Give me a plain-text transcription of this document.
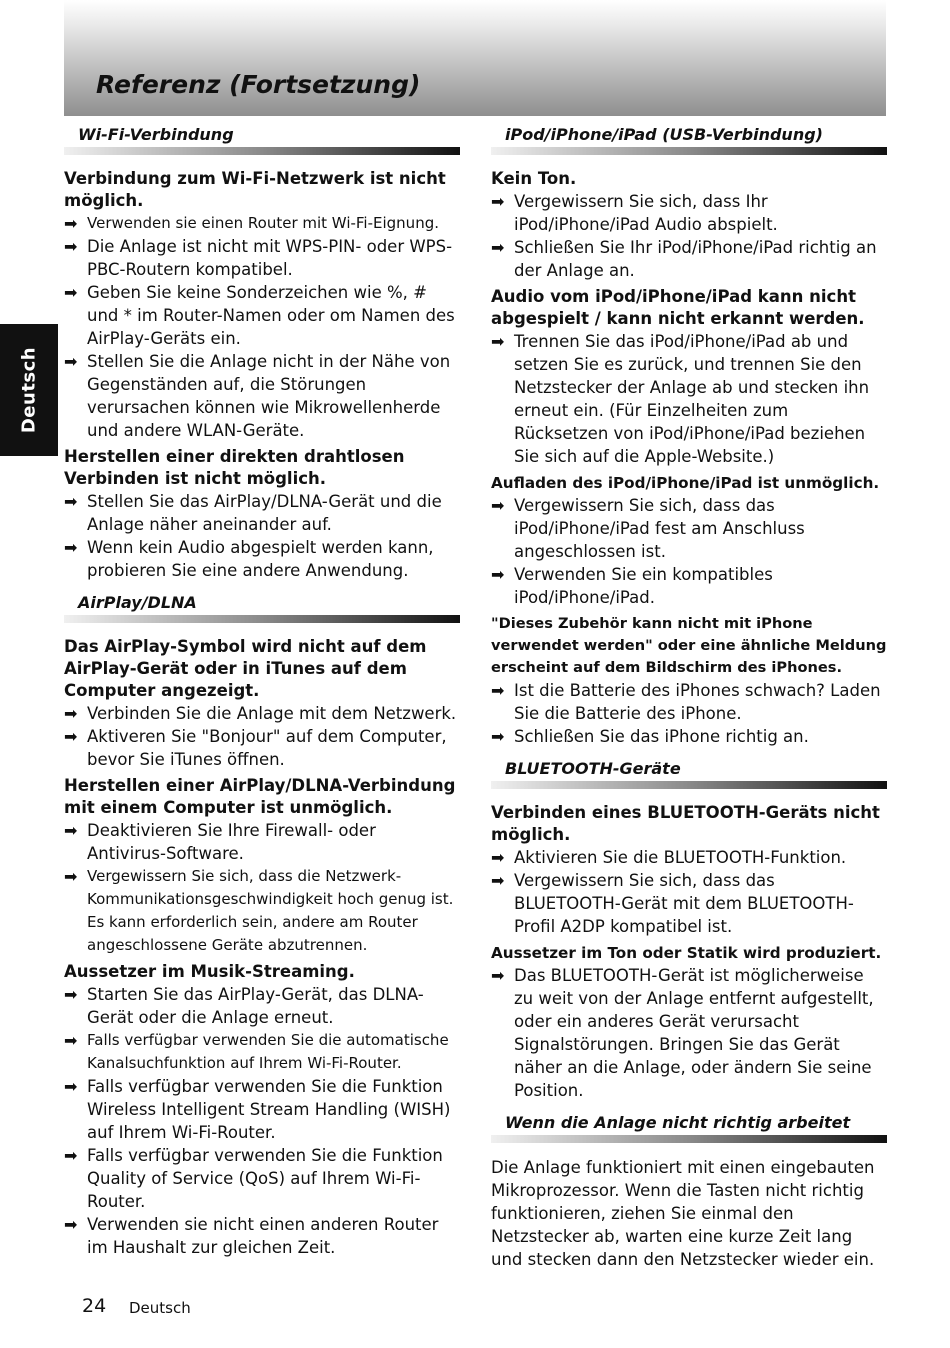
Referenz (Fortsetzung)
Deutsch
Wi-Fi-Verbindung
Verbindung zum Wi-Fi-Netzwerk ist nicht möglich.
➡ Verwenden sie einen Router mit Wi-Fi-Eignung.
➡ Die Anlage ist nicht mit WPS-PIN- oder WPS-PBC-Routern kompatibel.
➡ Geben Sie keine Sonderzeichen wie %, # und * im Router-Namen oder om Namen des AirPlay-Geräts ein.
➡ Stellen Sie die Anlage nicht in der Nähe von Gegenständen auf, die Störungen verursachen können wie Mikrowellenherde und andere WLAN-Geräte.
Herstellen einer direkten drahtlosen Verbinden ist nicht möglich.
➡ Stellen Sie das AirPlay/DLNA-Gerät und die Anlage näher aneinander auf.
➡ Wenn kein Audio abgespielt werden kann, probieren Sie eine andere Anwendung.
AirPlay/DLNA
Das AirPlay-Symbol wird nicht auf dem AirPlay-Gerät oder in iTunes auf dem Computer angezeigt.
➡ Verbinden Sie die Anlage mit dem Netzwerk.
➡ Aktiveren Sie "Bonjour" auf dem Computer, bevor Sie iTunes öffnen.
Herstellen einer AirPlay/DLNA-Verbindung mit einem Computer ist unmöglich.
➡ Deaktivieren Sie Ihre Firewall- oder Antivirus-Software.
➡ Vergewissern Sie sich, dass die Netzwerk-Kommunikationsgeschwindigkeit hoch genug ist. Es kann erforderlich sein, andere am Router angeschlossene Geräte abzutrennen.
Aussetzer im Musik-Streaming.
➡ Starten Sie das AirPlay-Gerät, das DLNA-Gerät oder die Anlage erneut.
➡ Falls verfügbar verwenden Sie die automatische Kanalsuchfunktion auf Ihrem Wi-Fi-Router.
➡ Falls verfügbar verwenden Sie die Funktion Wireless Intelligent Stream Handling (WISH) auf Ihrem Wi-Fi-Router.
➡ Falls verfügbar verwenden Sie die Funktion Quality of Service (QoS) auf Ihrem Wi-Fi-Router.
➡ Verwenden sie nicht einen anderen Router im Haushalt zur gleichen Zeit.
iPod/iPhone/iPad (USB-Verbindung)
Kein Ton.
➡ Vergewissern Sie sich, dass Ihr iPod/iPhone/iPad Audio abspielt.
➡ Schließen Sie Ihr iPod/iPhone/iPad richtig an der Anlage an.
Audio vom iPod/iPhone/iPad kann nicht abgespielt / kann nicht erkannt werden.
➡ Trennen Sie das iPod/iPhone/iPad ab und setzen Sie es zurück, und trennen Sie den Netzstecker der Anlage ab und stecken ihn erneut ein. (Für Einzelheiten zum Rücksetzen von iPod/iPhone/iPad beziehen Sie sich auf die Apple-Website.)
Aufladen des iPod/iPhone/iPad ist unmöglich.
➡ Vergewissern Sie sich, dass das iPod/iPhone/iPad fest am Anschluss angeschlossen ist.
➡ Verwenden Sie ein kompatibles iPod/iPhone/iPad.
"Dieses Zubehör kann nicht mit iPhone verwendet werden" oder eine ähnliche Meldung erscheint auf dem Bildschirm des iPhones.
➡ Ist die Batterie des iPhones schwach? Laden Sie die Batterie des iPhone.
➡ Schließen Sie das iPhone richtig an.
BLUETOOTH-Geräte
Verbinden eines BLUETOOTH-Geräts nicht möglich.
➡ Aktivieren Sie die BLUETOOTH-Funktion.
➡ Vergewissern Sie sich, dass das BLUETOOTH-Gerät mit dem BLUETOOTH-Profil A2DP kompatibel ist.
Aussetzer im Ton oder Statik wird produziert.
➡ Das BLUETOOTH-Gerät ist möglicherweise zu weit von der Anlage entfernt aufgestellt, oder ein anderes Gerät verursacht Signalstörungen. Bringen Sie das Gerät näher an die Anlage, oder ändern Sie seine Position.
Wenn die Anlage nicht richtig arbeitet
Die Anlage funktioniert mit einen eingebauten Mikroprozessor. Wenn die Tasten nicht richtig funktionieren, ziehen Sie einmal den Netzstecker ab, warten eine kurze Zeit lang und stecken dann den Netzstecker wieder ein.
24 Deutsch
